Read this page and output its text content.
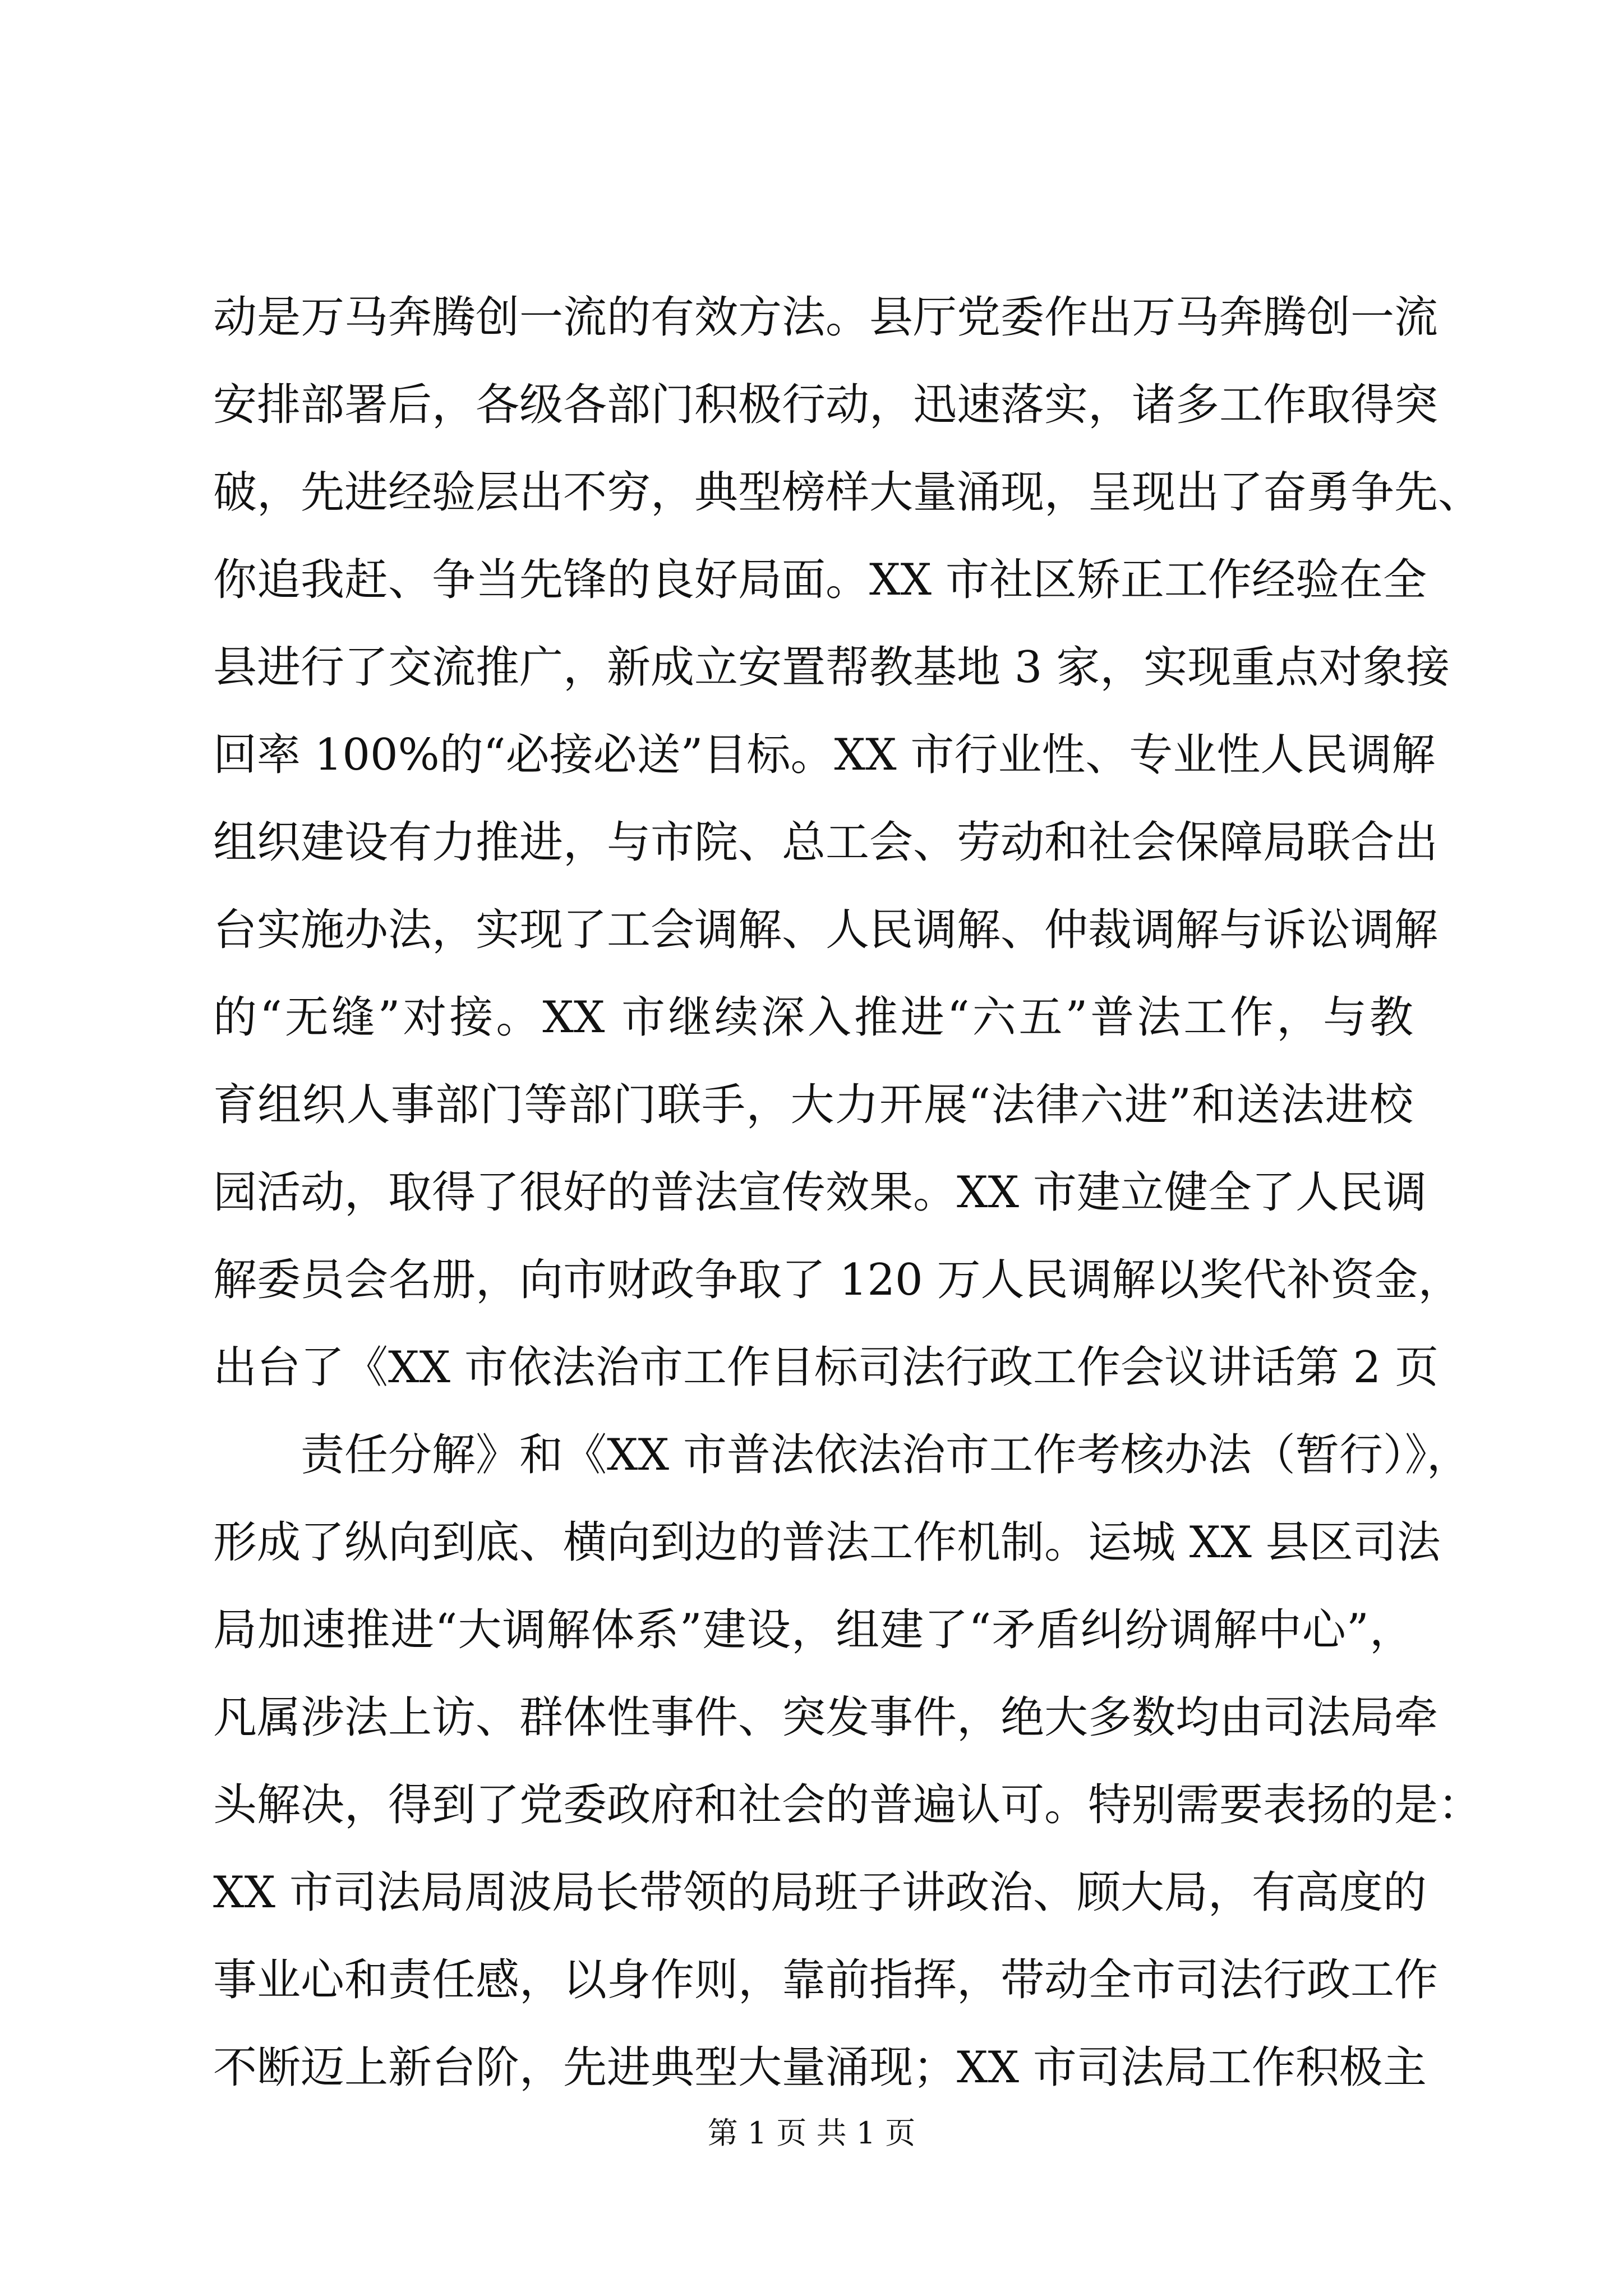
动是万马奔腾创一流的有效方法。县厅党委作出万马奔腾创一流
安排部署后，各级各部门积极行动，迅速落实，诸多工作取得突
破，先进经验层出不穷，典型榜样大量涌现，呈现出了奋勇争先、
你追我赶、争当先锋的良好局面。XX 市社区矫正工作经验在全
县进行了交流推广，新成立安置帮教基地 3 家，实现重点对象接
回率 100%的“必接必送”目标。XX 市行业性、专业性人民调解
组织建设有力推进，与市院、总工会、劳动和社会保障局联合出
台实施办法，实现了工会调解、人民调解、仲裁调解与诉讼调解
的“无缝”对接。XX 市继续深入推进“六五”普法工作，与教
育组织人事部门等部门联手，大力开展“法律六进”和送法进校
园活动，取得了很好的普法宣传效果。XX 市建立健全了人民调
解委员会名册，向市财政争取了 120 万人民调解以奖代补资金，
出台了《XX 市依法治市工作目标司法行政工作会议讲话第 2 页
责任分解》和《XX 市普法依法治市工作考核办法（暂行）》，
形成了纵向到底、横向到边的普法工作机制。运城 XX 县区司法
局加速推进“大调解体系”建设，组建了“矛盾纠纷调解中心”，
凡属涉法上访、群体性事件、突发事件，绝大多数均由司法局牵
头解决，得到了党委政府和社会的普遍认可。特别需要表扬的是：
XX 市司法局周波局长带领的局班子讲政治、顾大局，有高度的
事业心和责任感，以身作则，靠前指挥，带动全市司法行政工作
不断迈上新台阶，先进典型大量涌现；XX 市司法局工作积极主
第 1 页 共 1 页
